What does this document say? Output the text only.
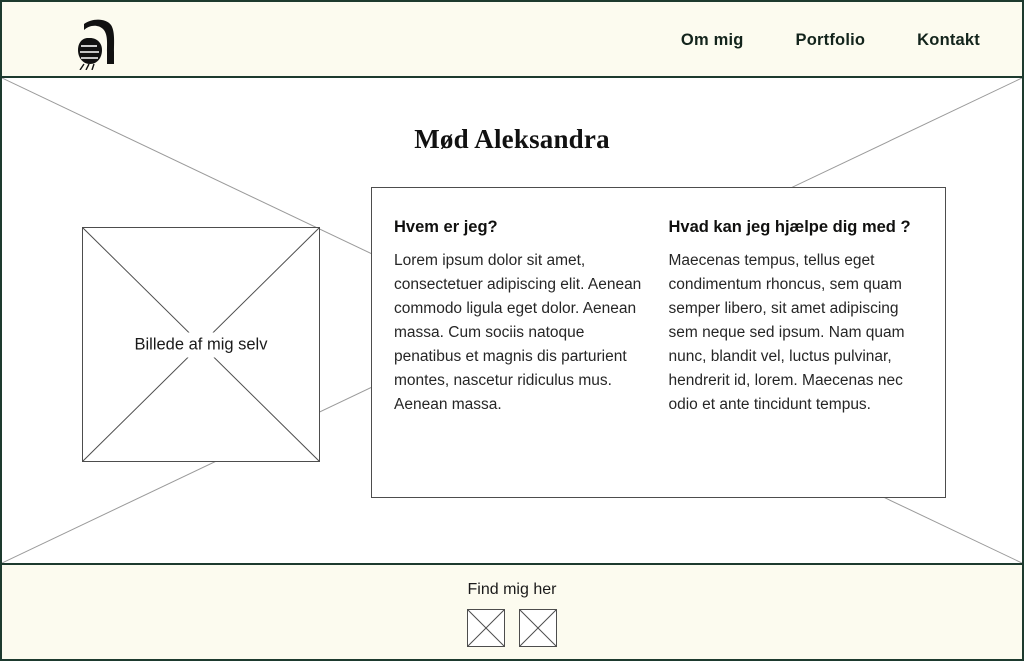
Om mig	Portfolio	Kontakt
Mød Aleksandra
Billede af mig selv
Hvem er jeg?

Lorem ipsum dolor sit amet, consectetuer adipiscing elit. Aenean commodo ligula eget dolor. Aenean massa. Cum sociis natoque penatibus et magnis dis parturient montes, nascetur ridiculus mus. Aenean massa.

Hvad kan jeg hjælpe dig med ?

Maecenas tempus, tellus eget condimentum rhoncus, sem quam semper libero, sit amet adipiscing sem neque sed ipsum. Nam quam nunc, blandit vel, luctus pulvinar, hendrerit id, lorem. Maecenas nec odio et ante tincidunt tempus.

Find mig her
